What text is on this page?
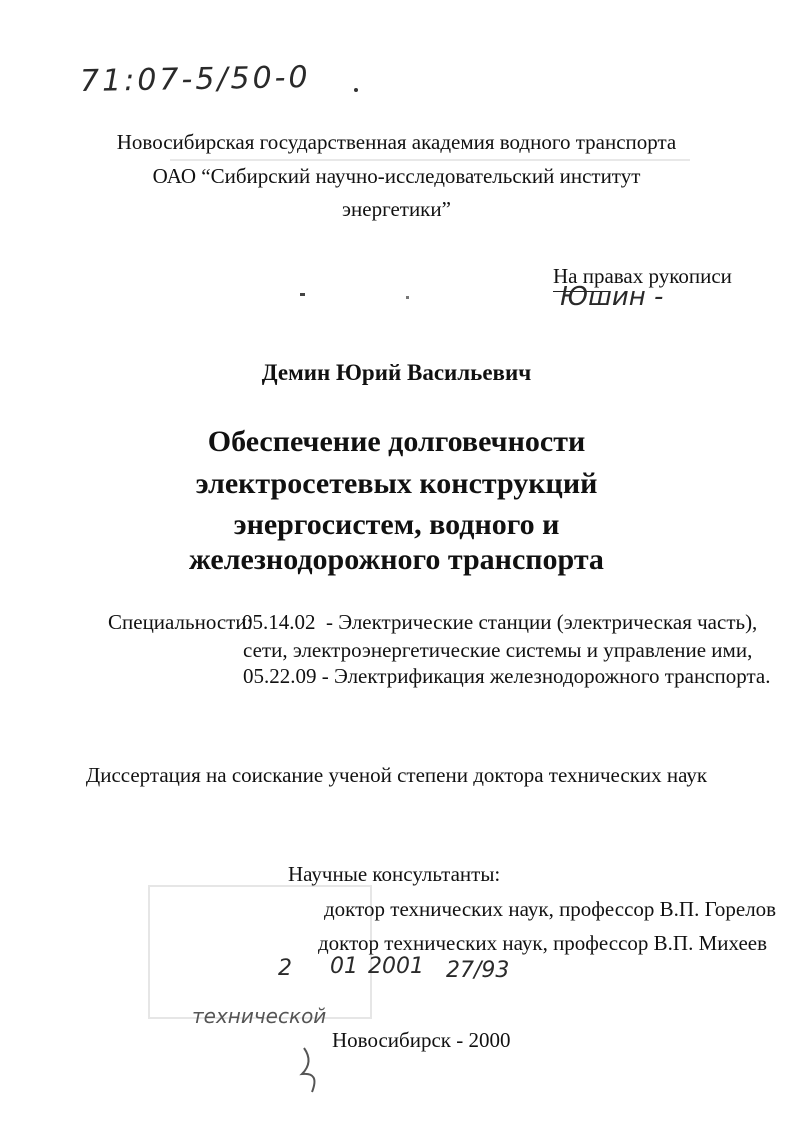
71:07-5/50-0
Новосибирская государственная академия водного транспорта
ОАО “Сибирский научно-исследовательский институт
энергетики”
На правах рукописи
Юшин -
Демин Юрий Васильевич
Обеспечение долговечности
электросетевых конструкций
энергосистем, водного и
железнодорожного транспорта
Специальности:
05.14.02 - Электрические станции (электрическая часть),
сети, электроэнергетические системы и управление ими,
05.22.09 - Электрификация железнодорожного транспорта.
Диссертация на соискание ученой степени доктора технических наук
Научные консультанты:
доктор технических наук, профессор В.П. Горелов
доктор технических наук, профессор В.П. Михеев
2 01 2001 27/93
технической
Новосибирск - 2000
